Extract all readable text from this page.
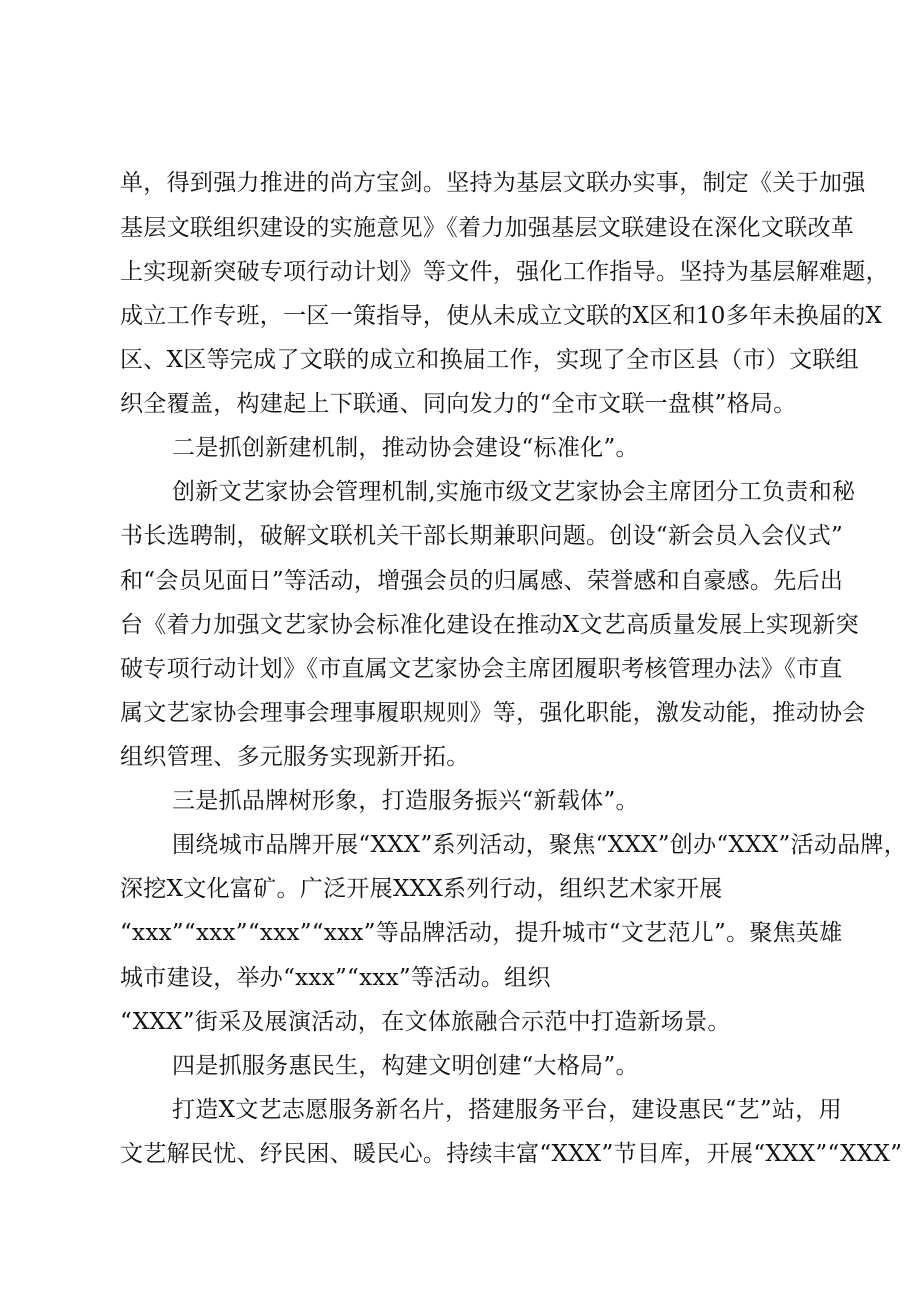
单，得到强力推进的尚方宝剑。坚持为基层文联办实事，制定《关于加强
基层文联组织建设的实施意见》《着力加强基层文联建设在深化文联改革
上实现新突破专项行动计划》等文件，强化工作指导。坚持为基层解难题，
成立工作专班，一区一策指导，使从未成立文联的X区和10多年未换届的X
区、X区等完成了文联的成立和换届工作，实现了全市区县（市）文联组
织全覆盖，构建起上下联通、同向发力的“全市文联一盘棋”格局。
二是抓创新建机制，推动协会建设“标准化”。
创新文艺家协会管理机制,实施市级文艺家协会主席团分工负责和秘
书长选聘制，破解文联机关干部长期兼职问题。创设“新会员入会仪式”
和“会员见面日”等活动，增强会员的归属感、荣誉感和自豪感。先后出
台《着力加强文艺家协会标准化建设在推动X文艺高质量发展上实现新突
破专项行动计划》《市直属文艺家协会主席团履职考核管理办法》《市直
属文艺家协会理事会理事履职规则》等，强化职能，激发动能，推动协会
组织管理、多元服务实现新开拓。
三是抓品牌树形象，打造服务振兴“新载体”。
围绕城市品牌开展“XXX”系列活动，聚焦“XXX”创办“XXX”活动品牌，
深挖X文化富矿。广泛开展XXX系列行动，组织艺术家开展
“xxx”“xxx”“xxx”“xxx”等品牌活动，提升城市“文艺范儿”。聚焦英雄
城市建设，举办“xxx”“xxx”等活动。组织
“XXX”街采及展演活动，在文体旅融合示范中打造新场景。
四是抓服务惠民生，构建文明创建“大格局”。
打造X文艺志愿服务新名片，搭建服务平台，建设惠民“艺”站，用
文艺解民忧、纾民困、暖民心。持续丰富“XXX”节目库，开展“XXX”“XXX”
